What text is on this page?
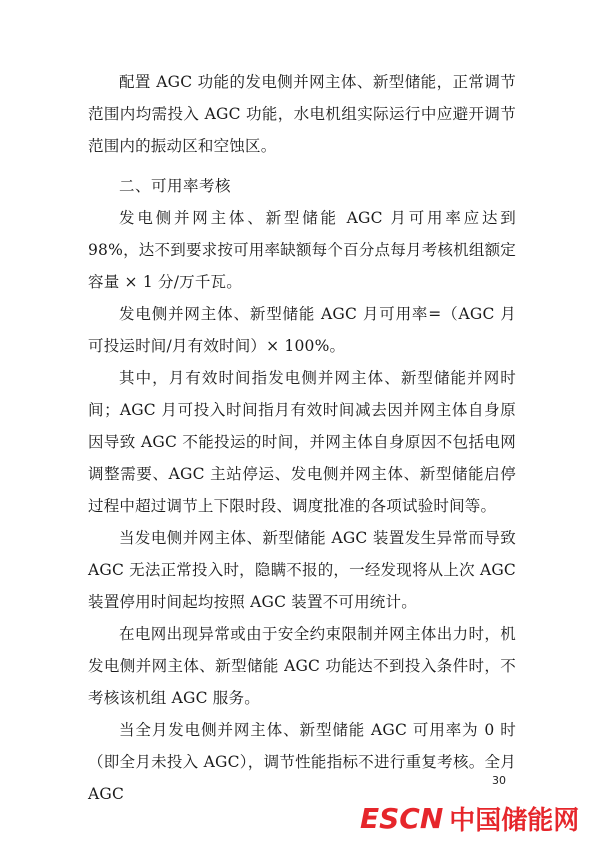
配置 AGC 功能的发电侧并网主体、新型储能，正常调节范围内均需投入 AGC 功能，水电机组实际运行中应避开调节范围内的振动区和空蚀区。

二、可用率考核

发电侧并网主体、新型储能 AGC 月可用率应达到 98%，达不到要求按可用率缺额每个百分点每月考核机组额定容量 × 1 分/万千瓦。

发电侧并网主体、新型储能 AGC 月可用率=（AGC 月可投运时间/月有效时间）× 100%。

其中，月有效时间指发电侧并网主体、新型储能并网时间；AGC 月可投入时间指月有效时间减去因并网主体自身原因导致 AGC 不能投运的时间，并网主体自身原因不包括电网调整需要、AGC 主站停运、发电侧并网主体、新型储能启停过程中超过调节上下限时段、调度批准的各项试验时间等。

当发电侧并网主体、新型储能 AGC 装置发生异常而导致 AGC 无法正常投入时，隐瞒不报的，一经发现将从上次 AGC 装置停用时间起均按照 AGC 装置不可用统计。

在电网出现异常或由于安全约束限制并网主体出力时，机发电侧并网主体、新型储能 AGC 功能达不到投入条件时，不考核该机组 AGC 服务。

当全月发电侧并网主体、新型储能 AGC 可用率为 0 时（即全月未投入 AGC），调节性能指标不进行重复考核。全月 AGC

30
ESCN 中国储能网
